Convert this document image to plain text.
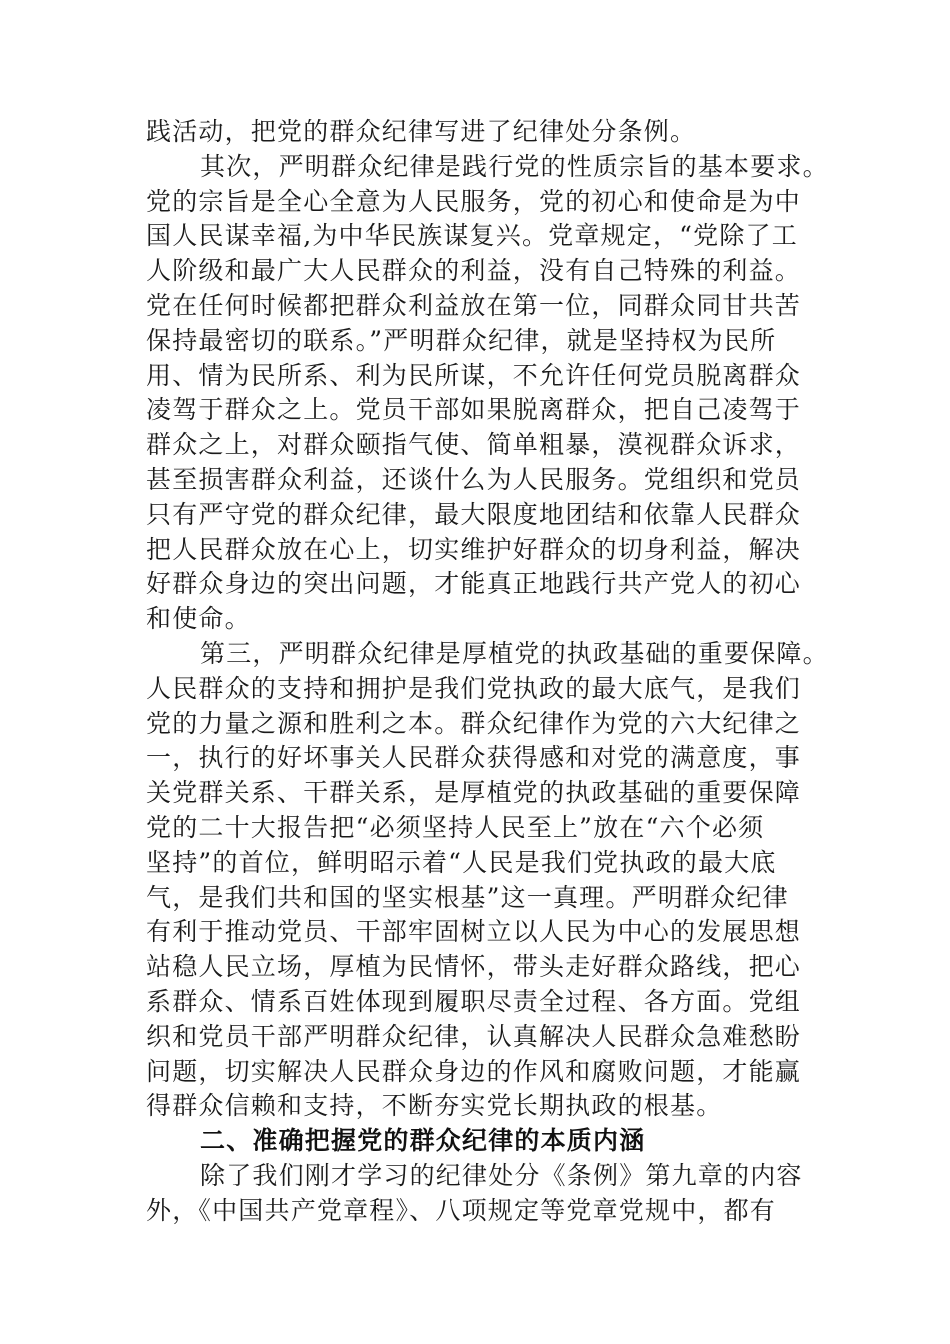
践活动，把党的群众纪律写进了纪律处分条例。
其次，严明群众纪律是践行党的性质宗旨的基本要求。
党的宗旨是全心全意为人民服务，党的初心和使命是为中
国人民谋幸福,为中华民族谋复兴。党章规定，“党除了工
人阶级和最广大人民群众的利益，没有自己特殊的利益。
党在任何时候都把群众利益放在第一位，同群众同甘共苦
保持最密切的联系。”严明群众纪律，就是坚持权为民所
用、情为民所系、利为民所谋，不允许任何党员脱离群众
凌驾于群众之上。党员干部如果脱离群众，把自己凌驾于
群众之上，对群众颐指气使、简单粗暴，漠视群众诉求，
甚至损害群众利益，还谈什么为人民服务。党组织和党员
只有严守党的群众纪律，最大限度地团结和依靠人民群众
把人民群众放在心上，切实维护好群众的切身利益，解决
好群众身边的突出问题，才能真正地践行共产党人的初心
和使命。
第三，严明群众纪律是厚植党的执政基础的重要保障。
人民群众的支持和拥护是我们党执政的最大底气，是我们
党的力量之源和胜利之本。群众纪律作为党的六大纪律之
一，执行的好坏事关人民群众获得感和对党的满意度，事
关党群关系、干群关系，是厚植党的执政基础的重要保障
党的二十大报告把“必须坚持人民至上”放在“六个必须
坚持”的首位，鲜明昭示着“人民是我们党执政的最大底
气，是我们共和国的坚实根基”这一真理。严明群众纪律
有利于推动党员、干部牢固树立以人民为中心的发展思想
站稳人民立场，厚植为民情怀，带头走好群众路线，把心
系群众、情系百姓体现到履职尽责全过程、各方面。党组
织和党员干部严明群众纪律，认真解决人民群众急难愁盼
问题，切实解决人民群众身边的作风和腐败问题，才能赢
得群众信赖和支持，不断夯实党长期执政的根基。
二、准确把握党的群众纪律的本质内涵
除了我们刚才学习的纪律处分《条例》第九章的内容
外，《中国共产党章程》、八项规定等党章党规中，都有
